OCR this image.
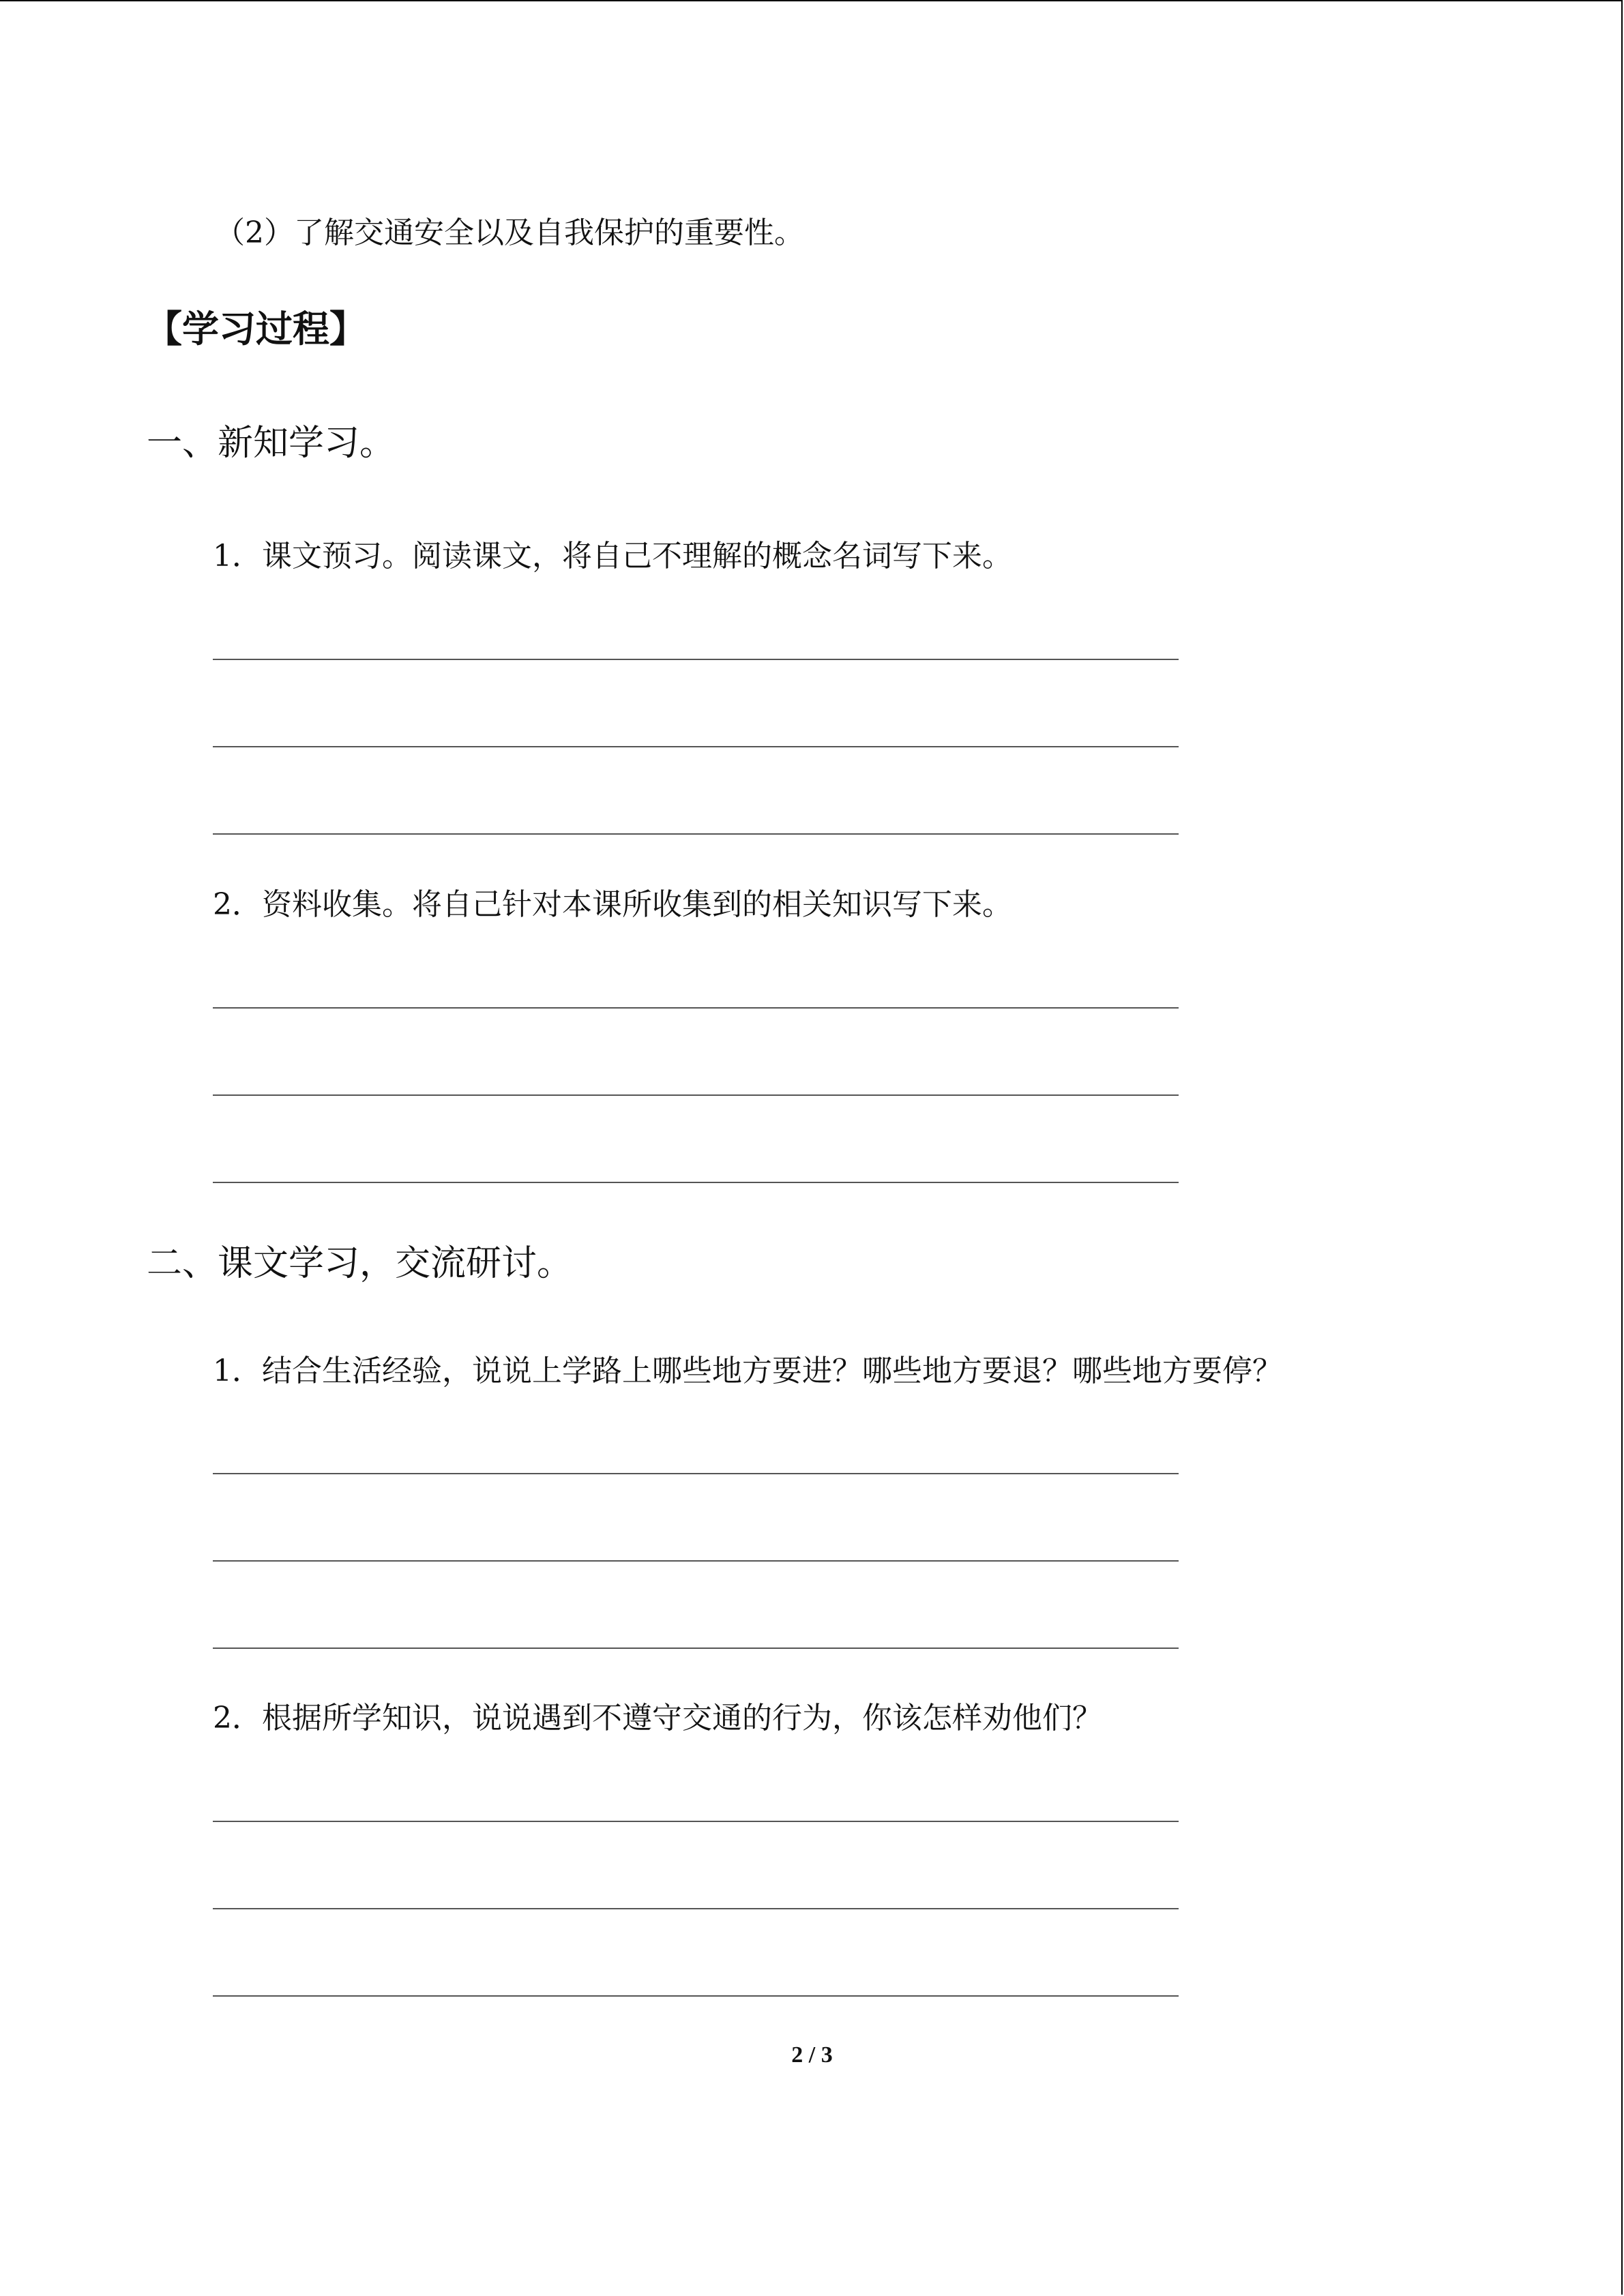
（2）了解交通安全以及自我保护的重要性。
【学习过程】
一、新知学习。
1．课文预习。阅读课文，将自己不理解的概念名词写下来。
2．资料收集。将自己针对本课所收集到的相关知识写下来。
二、课文学习，交流研讨。
1．结合生活经验，说说上学路上哪些地方要进？哪些地方要退？哪些地方要停？
2．根据所学知识，说说遇到不遵守交通的行为，你该怎样劝他们？
2 / 3
